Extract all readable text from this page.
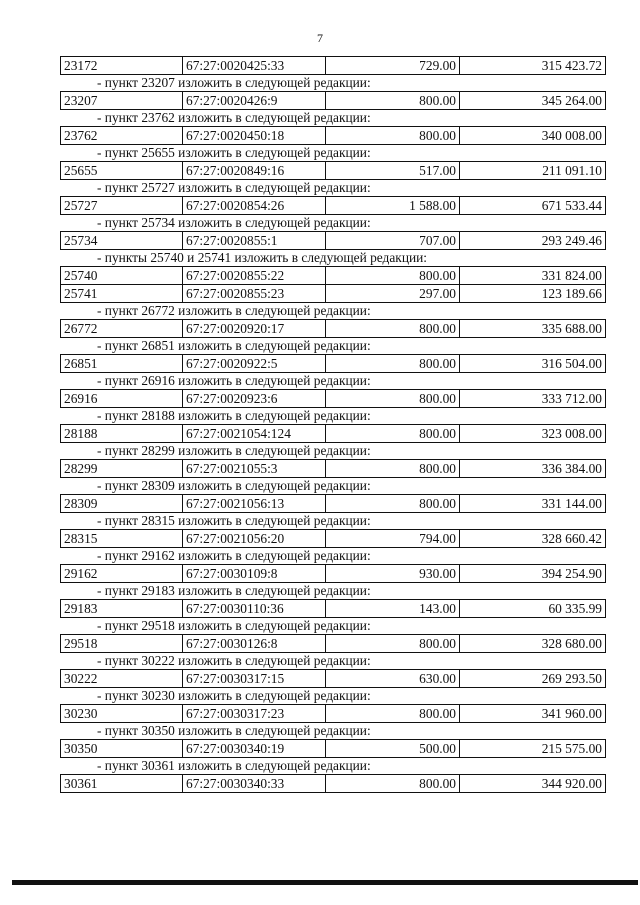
7
23172	67:27:0020425:33	729.00	315 423.72
- пункт 23207 изложить в следующей редакции:
23207	67:27:0020426:9	800.00	345 264.00
- пункт 23762 изложить в следующей редакции:
23762	67:27:0020450:18	800.00	340 008.00
- пункт 25655 изложить в следующей редакции:
25655	67:27:0020849:16	517.00	211 091.10
- пункт 25727 изложить в следующей редакции:
25727	67:27:0020854:26	1 588.00	671 533.44
- пункт 25734 изложить в следующей редакции:
25734	67:27:0020855:1	707.00	293 249.46
- пункты 25740 и 25741 изложить в следующей редакции:
25740	67:27:0020855:22	800.00	331 824.00
25741	67:27:0020855:23	297.00	123 189.66
- пункт 26772 изложить в следующей редакции:
26772	67:27:0020920:17	800.00	335 688.00
- пункт 26851 изложить в следующей редакции:
26851	67:27:0020922:5	800.00	316 504.00
- пункт 26916 изложить в следующей редакции:
26916	67:27:0020923:6	800.00	333 712.00
- пункт 28188 изложить в следующей редакции:
28188	67:27:0021054:124	800.00	323 008.00
- пункт 28299 изложить в следующей редакции:
28299	67:27:0021055:3	800.00	336 384.00
- пункт 28309 изложить в следующей редакции:
28309	67:27:0021056:13	800.00	331 144.00
- пункт 28315 изложить в следующей редакции:
28315	67:27:0021056:20	794.00	328 660.42
- пункт 29162 изложить в следующей редакции:
29162	67:27:0030109:8	930.00	394 254.90
- пункт 29183 изложить в следующей редакции:
29183	67:27:0030110:36	143.00	60 335.99
- пункт 29518 изложить в следующей редакции:
29518	67:27:0030126:8	800.00	328 680.00
- пункт 30222 изложить в следующей редакции:
30222	67:27:0030317:15	630.00	269 293.50
- пункт 30230 изложить в следующей редакции:
30230	67:27:0030317:23	800.00	341 960.00
- пункт 30350 изложить в следующей редакции:
30350	67:27:0030340:19	500.00	215 575.00
- пункт 30361 изложить в следующей редакции:
30361	67:27:0030340:33	800.00	344 920.00
